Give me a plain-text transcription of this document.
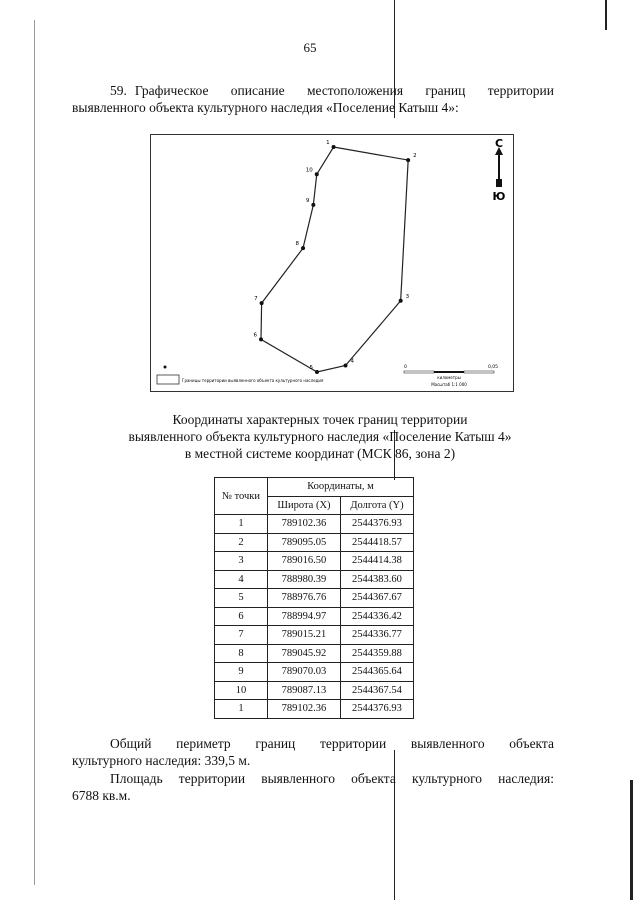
65
59. Графическое описание местоположения границ территории выявленного объекта культурного наследия «Поселение Катыш 4»:
1
2
3
4
5
6
7
8
9
10
С
Ю
Границы территории выявленного объекта культурного наследия
0	0,05
километры
Масштаб 1:1 000
Координаты характерных точек границ территории
выявленного объекта культурного наследия «Поселение Катыш 4»
в местной системе координат (МСК 86, зона 2)
№ точки	Координаты, м	
	Широта (X)	Долгота (Y)
1	789102.36	2544376.93
2	789095.05	2544418.57
3	789016.50	2544414.38
4	788980.39	2544383.60
5	788976.76	2544367.67
6	788994.97	2544336.42
7	789015.21	2544336.77
8	789045.92	2544359.88
9	789070.03	2544365.64
10	789087.13	2544367.54
1	789102.36	2544376.93
Общий периметр границ территории выявленного объекта
культурного наследия: 339,5 м.
Площадь территории выявленного объекта культурного наследия:
6788 кв.м.
